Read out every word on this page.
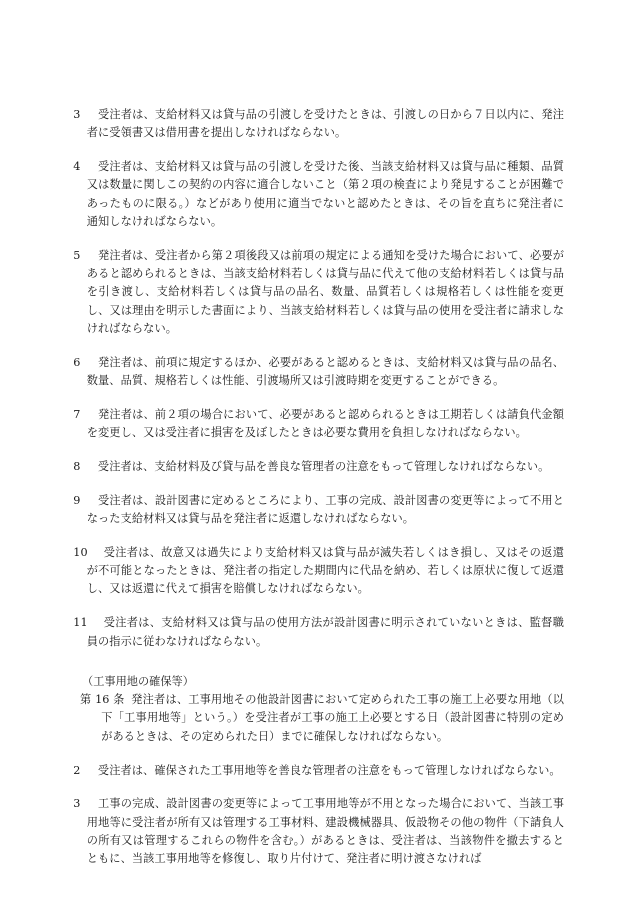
3 受注者は、支給材料又は貸与品の引渡しを受けたときは、引渡しの日から７日以内に、発注者に受領書又は借用書を提出しなければならない。

4 受注者は、支給材料又は貸与品の引渡しを受けた後、当該支給材料又は貸与品に種類、品質又は数量に関しこの契約の内容に適合しないこと（第２項の検査により発見することが困難であったものに限る。）などがあり使用に適当でないと認めたときは、その旨を直ちに発注者に通知しなければならない。

5 発注者は、受注者から第２項後段又は前項の規定による通知を受けた場合において、必要があると認められるときは、当該支給材料若しくは貸与品に代えて他の支給材料若しくは貸与品を引き渡し、支給材料若しくは貸与品の品名、数量、品質若しくは規格若しくは性能を変更し、又は理由を明示した書面により、当該支給材料若しくは貸与品の使用を受注者に請求しなければならない。

6 発注者は、前項に規定するほか、必要があると認めるときは、支給材料又は貸与品の品名、数量、品質、規格若しくは性能、引渡場所又は引渡時期を変更することができる。

7 発注者は、前２項の場合において、必要があると認められるときは工期若しくは請負代金額を変更し、又は受注者に損害を及ぼしたときは必要な費用を負担しなければならない。

8 受注者は、支給材料及び貸与品を善良な管理者の注意をもって管理しなければならない。

9 受注者は、設計図書に定めるところにより、工事の完成、設計図書の変更等によって不用となった支給材料又は貸与品を発注者に返還しなければならない。

10 受注者は、故意又は過失により支給材料又は貸与品が滅失若しくはき損し、又はその返還が不可能となったときは、発注者の指定した期間内に代品を納め、若しくは原状に復して返還し、又は返還に代えて損害を賠償しなければならない。

11 受注者は、支給材料又は貸与品の使用方法が設計図書に明示されていないときは、監督職員の指示に従わなければならない。

（工事用地の確保等）

第 16 条 発注者は、工事用地その他設計図書において定められた工事の施工上必要な用地（以下「工事用地等」という。）を受注者が工事の施工上必要とする日（設計図書に特別の定めがあるときは、その定められた日）までに確保しなければならない。

2 受注者は、確保された工事用地等を善良な管理者の注意をもって管理しなければならない。

3 工事の完成、設計図書の変更等によって工事用地等が不用となった場合において、当該工事用地等に受注者が所有又は管理する工事材料、建設機械器具、仮設物その他の物件（下請負人の所有又は管理するこれらの物件を含む。）があるときは、受注者は、当該物件を撤去するとともに、当該工事用地等を修復し、取り片付けて、発注者に明け渡さなければ
